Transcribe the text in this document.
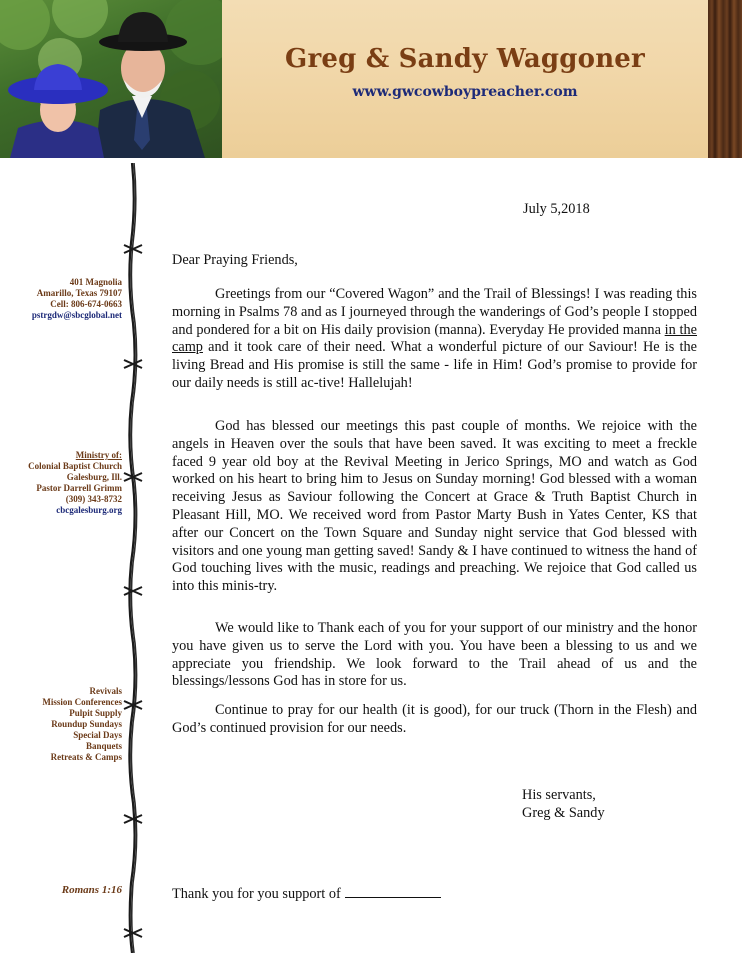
Greg & Sandy Waggoner
www.gwcowboypreacher.com
401 Magnolia
Amarillo, Texas 79107
Cell: 806-674-0663
pstrgdw@sbcglobal.net
Ministry of:
Colonial Baptist Church
Galesburg, Ill.
Pastor Darrell Grimm
(309) 343-8732
cbcgalesburg.org
Revivals
Mission Conferences
Pulpit Supply
Roundup Sundays
Special Days
Banquets
Retreats & Camps
Romans 1:16
July 5,2018
Dear Praying Friends,

Greetings from our “Covered Wagon” and the Trail of Blessings! I was reading this morning in Psalms 78 and as I journeyed through the wanderings of God’s people I stopped and pondered for a bit on His daily provision (manna). Everyday He provided manna in the camp and it took care of their need. What a wonderful picture of our Saviour! He is the living Bread and His promise is still the same - life in Him! God’s promise to provide for our daily needs is still ac-tive! Hallelujah!

God has blessed our meetings this past couple of months. We rejoice with the angels in Heaven over the souls that have been saved. It was exciting to meet a freckle faced 9 year old boy at the Revival Meeting in Jerico Springs, MO and watch as God worked on his heart to bring him to Jesus on Sunday morning! God blessed with a woman receiving Jesus as Saviour following the Concert at Grace & Truth Baptist Church in Pleasant Hill, MO. We received word from Pastor Marty Bush in Yates Center, KS that after our Concert on the Town Square and Sunday night service that God blessed with visitors and one young man getting saved! Sandy & I have continued to witness the hand of God touching lives with the music, readings and preaching. We rejoice that God called us into this minis-try.

We would like to Thank each of you for your support of our ministry and the honor you have given us to serve the Lord with you. You have been a blessing to us and we appreciate you friendship. We look forward to the Trail ahead of us and the blessings/lessons God has in store for us.

Continue to pray for our health (it is good), for our truck (Thorn in the Flesh) and God’s continued provision for our needs.

His servants,
Greg & Sandy
Thank you for you support of
